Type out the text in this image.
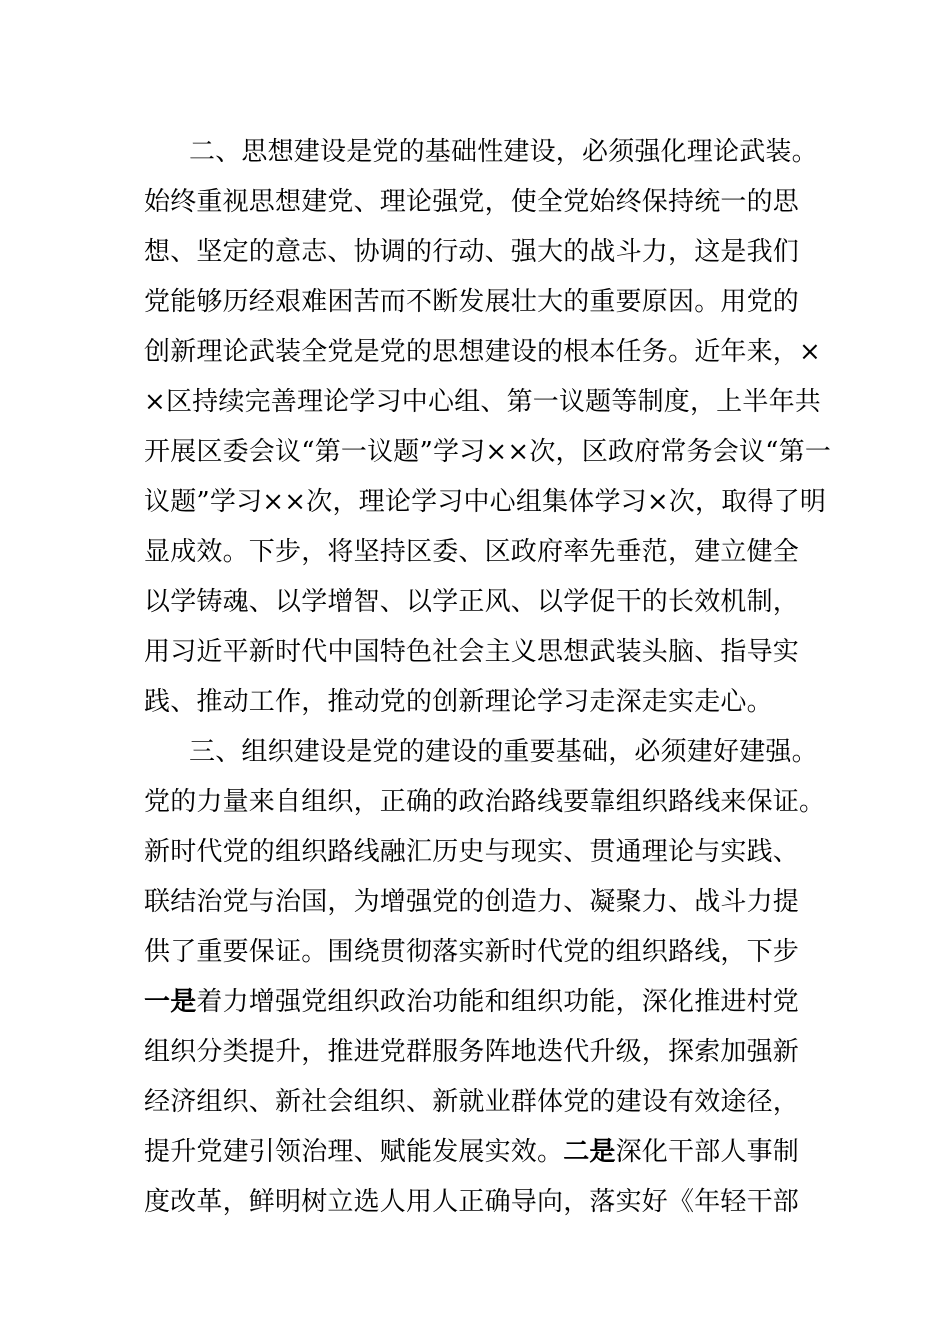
二、思想建设是党的基础性建设，必须强化理论武装。
始终重视思想建党、理论强党，使全党始终保持统一的思
想、坚定的意志、协调的行动、强大的战斗力，这是我们
党能够历经艰难困苦而不断发展壮大的重要原因。用党的
创新理论武装全党是党的思想建设的根本任务。近年来，×
×区持续完善理论学习中心组、第一议题等制度，上半年共
开展区委会议“第一议题”学习××次，区政府常务会议“第一
议题”学习××次，理论学习中心组集体学习×次，取得了明
显成效。下步，将坚持区委、区政府率先垂范，建立健全
以学铸魂、以学增智、以学正风、以学促干的长效机制，
用习近平新时代中国特色社会主义思想武装头脑、指导实
践、推动工作，推动党的创新理论学习走深走实走心。
三、组织建设是党的建设的重要基础，必须建好建强。
党的力量来自组织，正确的政治路线要靠组织路线来保证。
新时代党的组织路线融汇历史与现实、贯通理论与实践、
联结治党与治国，为增强党的创造力、凝聚力、战斗力提
供了重要保证。围绕贯彻落实新时代党的组织路线，下步
一是着力增强党组织政治功能和组织功能，深化推进村党
组织分类提升，推进党群服务阵地迭代升级，探索加强新
经济组织、新社会组织、新就业群体党的建设有效途径，
提升党建引领治理、赋能发展实效。二是深化干部人事制
度改革，鲜明树立选人用人正确导向，落实好《年轻干部
